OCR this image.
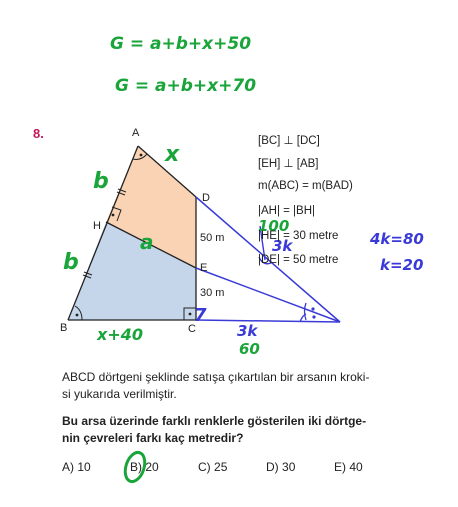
G = a+b+x+50
G = a+b+x+70
8.	A
B	C
D
E
H
50 m
30 m
b
x
b
a
x+40
7
100
3k
3k
60
4k=80
k=20
[BC] ⊥ [DC]
[EH] ⊥ [AB]
m(ABC) = m(BAD)
|AH| = |BH|
|HE| = 30 metre
|DE| = 50 metre
ABCD dörtgeni şeklinde satışa çıkartılan bir arsanın kroki-
si yukarıda verilmiştir.
Bu arsa üzerinde farklı renklerle gösterilen iki dörtge-
nin çevreleri farkı kaç metredir?
A) 10	B) 20	C) 25	D) 30	E) 40
